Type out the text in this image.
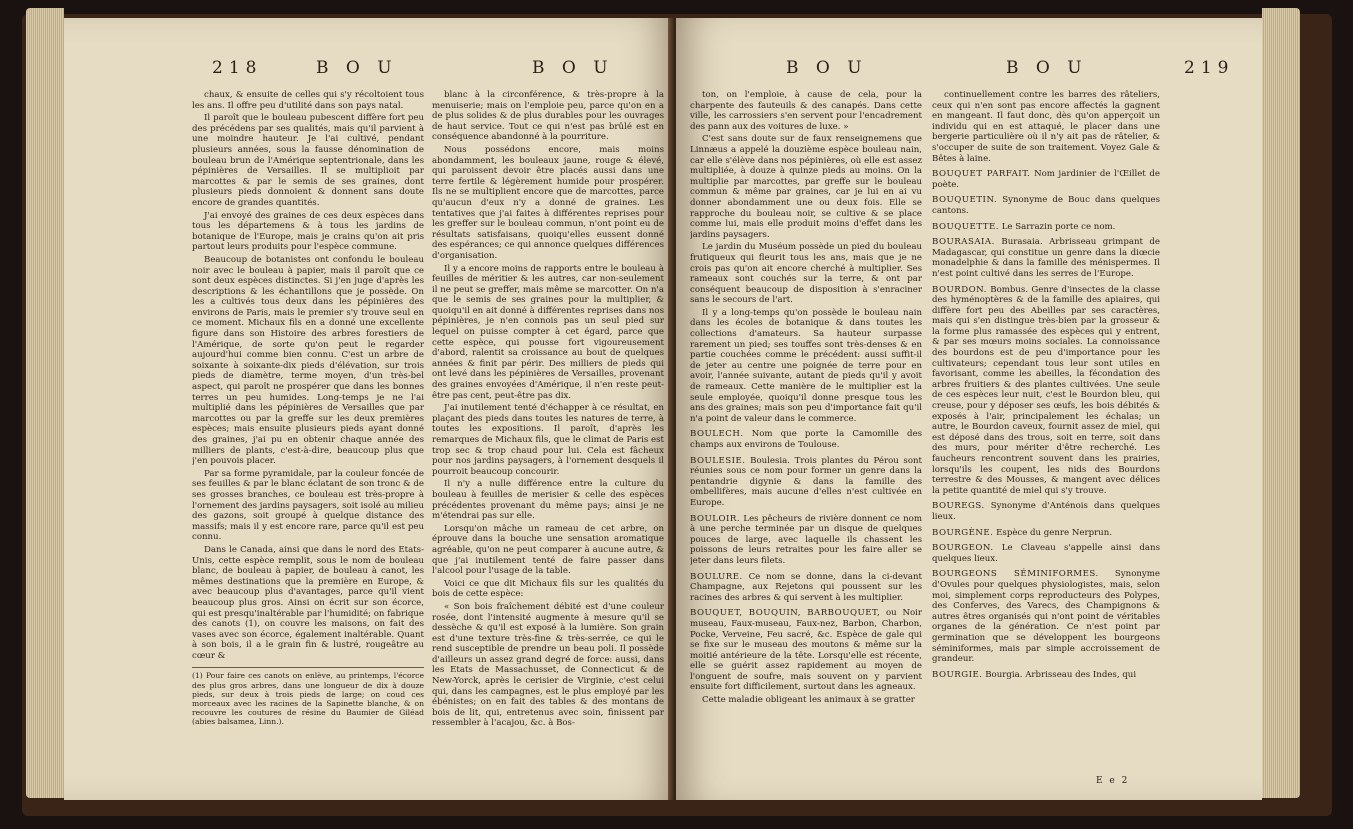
218	B O U	B O U

chaux, & ensuite de celles qui s'y récoltoient tous les ans. Il offre peu d'utilité dans son pays natal.

Il paroît que le bouleau pubescent diffère fort peu des précédens par ses qualités, mais qu'il parvient à une moindre hauteur. Je l'ai cultivé, pendant plusieurs années, sous la fausse dénomination de bouleau brun de l'Amérique septentrionale, dans les pépinières de Versailles. Il se multiplioit par marcottes & par le semis de ses graines, dont plusieurs pieds donnoient & donnent sans doute encore de grandes quantités.

J'ai envoyé des graines de ces deux espèces dans tous les départemens & à tous les jardins de botanique de l'Europe, mais je crains qu'on ait pris partout leurs produits pour l'espèce commune.

Beaucoup de botanistes ont confondu le bouleau noir avec le bouleau à papier, mais il paroît que ce sont deux espèces distinctes. Si j'en juge d'après les descriptions & les échantillons que je possède. On les a cultivés tous deux dans les pépinières des environs de Paris, mais le premier s'y trouve seul en ce moment. Michaux fils en a donné une excellente figure dans son Histoire des arbres forestiers de l'Amérique, de sorte qu'on peut le regarder aujourd'hui comme bien connu. C'est un arbre de soixante à soixante-dix pieds d'élévation, sur trois pieds de diamètre, terme moyen, d'un très-bel aspect, qui paroît ne prospérer que dans les bonnes terres un peu humides. Long-temps je ne l'ai multiplié dans les pépinières de Versailles que par marcottes ou par la greffe sur les deux premières espèces; mais ensuite plusieurs pieds ayant donné des graines, j'ai pu en obtenir chaque année des milliers de plants, c'est-à-dire, beaucoup plus que j'en pouvois placer.

Par sa forme pyramidale, par la couleur foncée de ses feuilles & par le blanc éclatant de son tronc & de ses grosses branches, ce bouleau est très-propre à l'ornement des jardins paysagers, soit isolé au milieu des gazons, soit groupé à quelque distance des massifs; mais il y est encore rare, parce qu'il est peu connu.

Dans le Canada, ainsi que dans le nord des Etats-Unis, cette espèce remplit, sous le nom de bouleau blanc, de bouleau à papier, de bouleau à canot, les mêmes destinations que la première en Europe, & avec beaucoup plus d'avantages, parce qu'il vient beaucoup plus gros. Ainsi on écrit sur son écorce, qui est presqu'inaltérable par l'humidité; on fabrique des canots (1), on couvre les maisons, on fait des vases avec son écorce, également inaltérable. Quant à son bois, il a le grain fin & lustré, rougeâtre au cœur &

(1) Pour faire ces canots on enlève, au printemps, l'écorce des plus gros arbres, dans une longueur de dix à douze pieds, sur deux à trois pieds de large; on coud ces morceaux avec les racines de la Sapinette blanche, & on recouvre les coutures de résine du Baumier de Giléad (abies balsamea, Linn.).

blanc à la circonférence, & très-propre à la menuiserie; mais on l'emploie peu, parce qu'on en a de plus solides & de plus durables pour les ouvrages de haut service. Tout ce qui n'est pas brûlé est en conséquence abandonné à la pourriture.

Nous possédons encore, mais moins abondamment, les bouleaux jaune, rouge & élevé, qui paroissent devoir être placés aussi dans une terre fertile & légèrement humide pour prospérer. Ils ne se multiplient encore que de marcottes, parce qu'aucun d'eux n'y a donné de graines. Les tentatives que j'ai faites à différentes reprises pour les greffer sur le bouleau commun, n'ont point eu de résultats satisfaisans, quoiqu'elles eussent donné des espérances; ce qui annonce quelques différences d'organisation.

Il y a encore moins de rapports entre le bouleau à feuilles de méritier & les autres, car non-seulement il ne peut se greffer, mais même se marcotter. On n'a que le semis de ses graines pour la multiplier, & quoiqu'il en ait donné à différentes reprises dans nos pépinières, je n'en connois pas un seul pied sur lequel on puisse compter à cet égard, parce que cette espèce, qui pousse fort vigoureusement d'abord, ralentit sa croissance au bout de quelques années & finit par périr. Des milliers de pieds qui ont levé dans les pépinières de Versailles, provenant des graines envoyées d'Amérique, il n'en reste peut-être pas cent, peut-être pas dix.

J'ai inutilement tenté d'échapper à ce résultat, en plaçant des pieds dans toutes les natures de terre, à toutes les expositions. Il paroît, d'après les remarques de Michaux fils, que le climat de Paris est trop sec & trop chaud pour lui. Cela est fâcheux pour nos jardins paysagers, à l'ornement desquels il pourroit beaucoup concourir.

Il n'y a nulle différence entre la culture du bouleau à feuilles de merisier & celle des espèces précédentes provenant du même pays; ainsi je ne m'étendrai pas sur elle.

Lorsqu'on mâche un rameau de cet arbre, on éprouve dans la bouche une sensation aromatique agréable, qu'on ne peut comparer à aucune autre, & que j'ai inutilement tenté de faire passer dans l'alcool pour l'usage de la table.

Voici ce que dit Michaux fils sur les qualités du bois de cette espèce:

« Son bois fraîchement débité est d'une couleur rosée, dont l'intensité augmente à mesure qu'il se dessèche & qu'il est exposé à la lumière. Son grain est d'une texture très-fine & très-serrée, ce qui le rend susceptible de prendre un beau poli. Il possède d'ailleurs un assez grand degré de force: aussi, dans les Etats de Massachusset, de Connecticut & de New-Yorck, après le cerisier de Virginie, c'est celui qui, dans les campagnes, est le plus employé par les ébénistes; on en fait des tables & des montans de bois de lit, qui, entretenus avec soin, finissent par ressembler à l'acajou, &c. à Bos-

B O U	B O U	219

ton, on l'emploie, à cause de cela, pour la charpente des fauteuils & des canapés. Dans cette ville, les carrossiers s'en servent pour l'encadrement des pann aux des voitures de luxe. »

C'est sans doute sur de faux renseignemens que Linnæus a appelé la douzième espèce bouleau nain, car elle s'élève dans nos pépinières, où elle est assez multipliée, à douze à quinze pieds au moins. On la multiplie par marcottes, par greffe sur le bouleau commun & même par graines, car je lui en ai vu donner abondamment une ou deux fois. Elle se rapproche du bouleau noir, se cultive & se place comme lui, mais elle produit moins d'effet dans les jardins paysagers.

Le jardin du Muséum possède un pied du bouleau frutiqueux qui fleurit tous les ans, mais que je ne crois pas qu'on ait encore cherché à multiplier. Ses rameaux sont couchés sur la terre, & ont par conséquent beaucoup de disposition à s'enraciner sans le secours de l'art.

Il y a long-temps qu'on possède le bouleau nain dans les écoles de botanique & dans toutes les collections d'amateurs. Sa hauteur surpasse rarement un pied; ses touffes sont très-denses & en partie couchées comme le précédent: aussi suffit-il de jeter au centre une poignée de terre pour en avoir, l'année suivante, autant de pieds qu'il y avoit de rameaux. Cette manière de le multiplier est la seule employée, quoiqu'il donne presque tous les ans des graines; mais son peu d'importance fait qu'il n'a point de valeur dans le commerce.

BOULECH. Nom que porte la Camomille des champs aux environs de Toulouse.

BOULESIE. Boulesia. Trois plantes du Pérou sont réunies sous ce nom pour former un genre dans la pentandrie digynie & dans la famille des ombellifères, mais aucune d'elles n'est cultivée en Europe.

BOULOIR. Les pêcheurs de rivière donnent ce nom à une perche terminée par un disque de quelques pouces de large, avec laquelle ils chassent les poissons de leurs retraites pour les faire aller se jeter dans leurs filets.

BOULURE. Ce nom se donne, dans la ci-devant Champagne, aux Rejetons qui poussent sur les racines des arbres & qui servent à les multiplier.

BOUQUET, BOUQUIN, BARBOUQUET, ou Noir museau, Faux-museau, Faux-nez, Barbon, Charbon, Pocke, Verveine, Feu sacré, &c. Espèce de gale qui se fixe sur le museau des moutons & même sur la moitié antérieure de la tête. Lorsqu'elle est récente, elle se guérit assez rapidement au moyen de l'onguent de soufre, mais souvent on y parvient ensuite fort difficilement, surtout dans les agneaux.

Cette maladie obligeant les animaux à se gratter

continuellement contre les barres des râteliers, ceux qui n'en sont pas encore affectés la gagnent en mangeant. Il faut donc, dès qu'on apperçoit un individu qui en est attaqué, le placer dans une bergerie particulière où il n'y ait pas de râtelier, & s'occuper de suite de son traitement. Voyez Gale & Bêtes à laine.

BOUQUET PARFAIT. Nom jardinier de l'Œillet de poète.

BOUQUETIN. Synonyme de Bouc dans quelques cantons.

BOUQUETTE. Le Sarrazin porte ce nom.

BOURASAIA. Burasaia. Arbrisseau grimpant de Madagascar, qui constitue un genre dans la diœcie monadelphie & dans la famille des ménispermes. Il n'est point cultivé dans les serres de l'Europe.

BOURDON. Bombus. Genre d'insectes de la classe des hyménoptères & de la famille des apiaires, qui diffère fort peu des Abeilles par ses caractères, mais qui s'en distingue très-bien par la grosseur & la forme plus ramassée des espèces qui y entrent, & par ses mœurs moins sociales. La connoissance des bourdons est de peu d'importance pour les cultivateurs; cependant tous leur sont utiles en favorisant, comme les abeilles, la fécondation des arbres fruitiers & des plantes cultivées. Une seule de ces espèces leur nuit, c'est le Bourdon bleu, qui creuse, pour y déposer ses œufs, les bois débités & exposés à l'air, principalement les échalas; un autre, le Bourdon caveux, fournit assez de miel, qui est déposé dans des trous, soit en terre, soit dans des murs, pour mériter d'être recherché. Les faucheurs rencontrent souvent dans les prairies, lorsqu'ils les coupent, les nids des Bourdons terrestre & des Mousses, & mangent avec délices la petite quantité de miel qui s'y trouve.

BOUREGS. Synonyme d'Anténois dans quelques lieux.

BOURGÈNE. Espèce du genre Nerprun.

BOURGEON. Le Claveau s'appelle ainsi dans quelques lieux.

BOURGEONS SÉMINIFORMES. Synonyme d'Ovules pour quelques physiologistes, mais, selon moi, simplement corps reproducteurs des Polypes, des Conferves, des Varecs, des Champignons & autres êtres organisés qui n'ont point de véritables organes de la génération. Ce n'est point par germination que se développent les bourgeons séminiformes, mais par simple accroissement de grandeur.

BOURGIE. Bourgia. Arbrisseau des Indes, qui

E e 2
